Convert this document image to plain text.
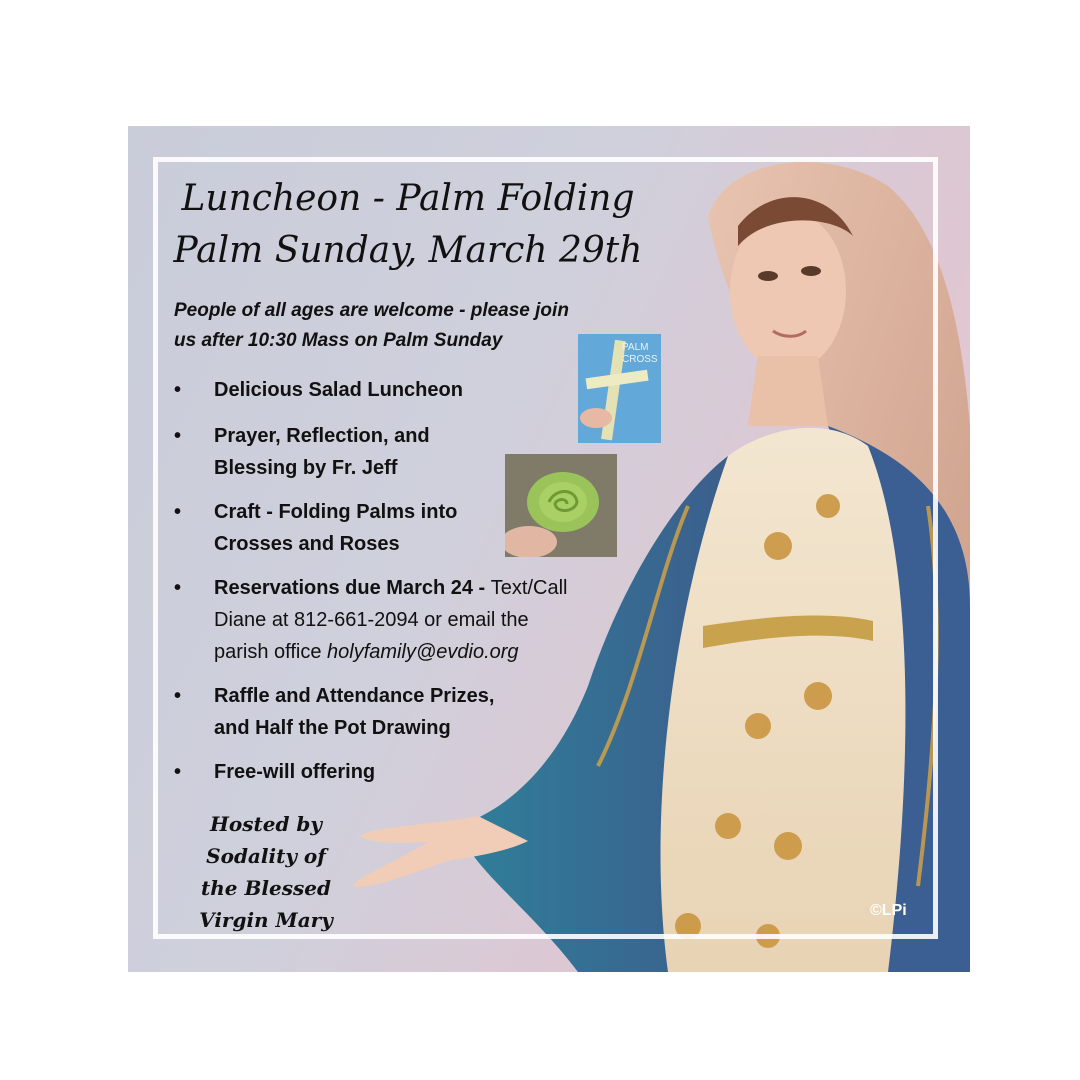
Luncheon - Palm Folding
Palm Sunday, March 29th
People of all ages are welcome - please join
us after 10:30 Mass on Palm Sunday
• Delicious Salad Luncheon
• Prayer, Reflection, and
Blessing by Fr. Jeff
• Craft - Folding Palms into
Crosses and Roses
• Reservations due March 24 - Text/Call
Diane at 812-661-2094 or email the
parish office holyfamily@evdio.org
• Raffle and Attendance Prizes,
and Half the Pot Drawing
• Free-will offering
PALM
CROSS
Hosted by
Sodality of
the Blessed
Virgin Mary	©LPi
